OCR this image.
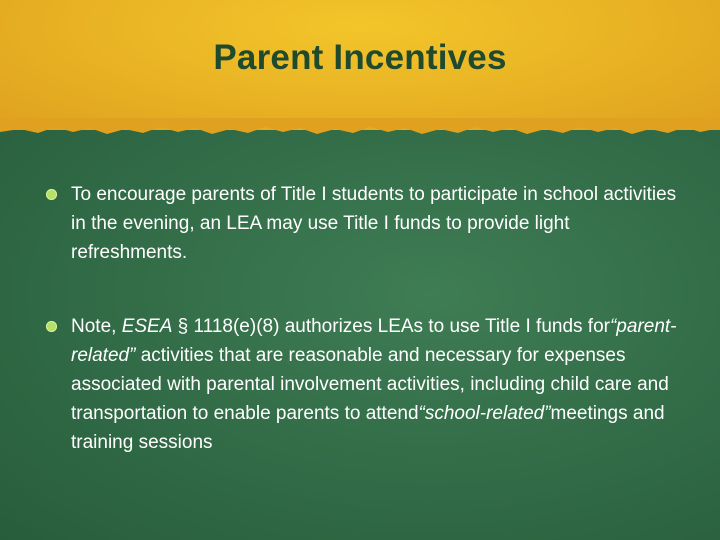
Parent Incentives
To encourage parents of Title I students to participate in school activities in the evening, an LEA may use Title I funds to provide light refreshments.
Note, ESEA § 1118(e)(8) authorizes LEAs to use Title I funds for“parent-related” activities that are reasonable and necessary for expenses associated with parental involvement activities, including child care and transportation to enable parents to attend“school-related”meetings and training sessions
